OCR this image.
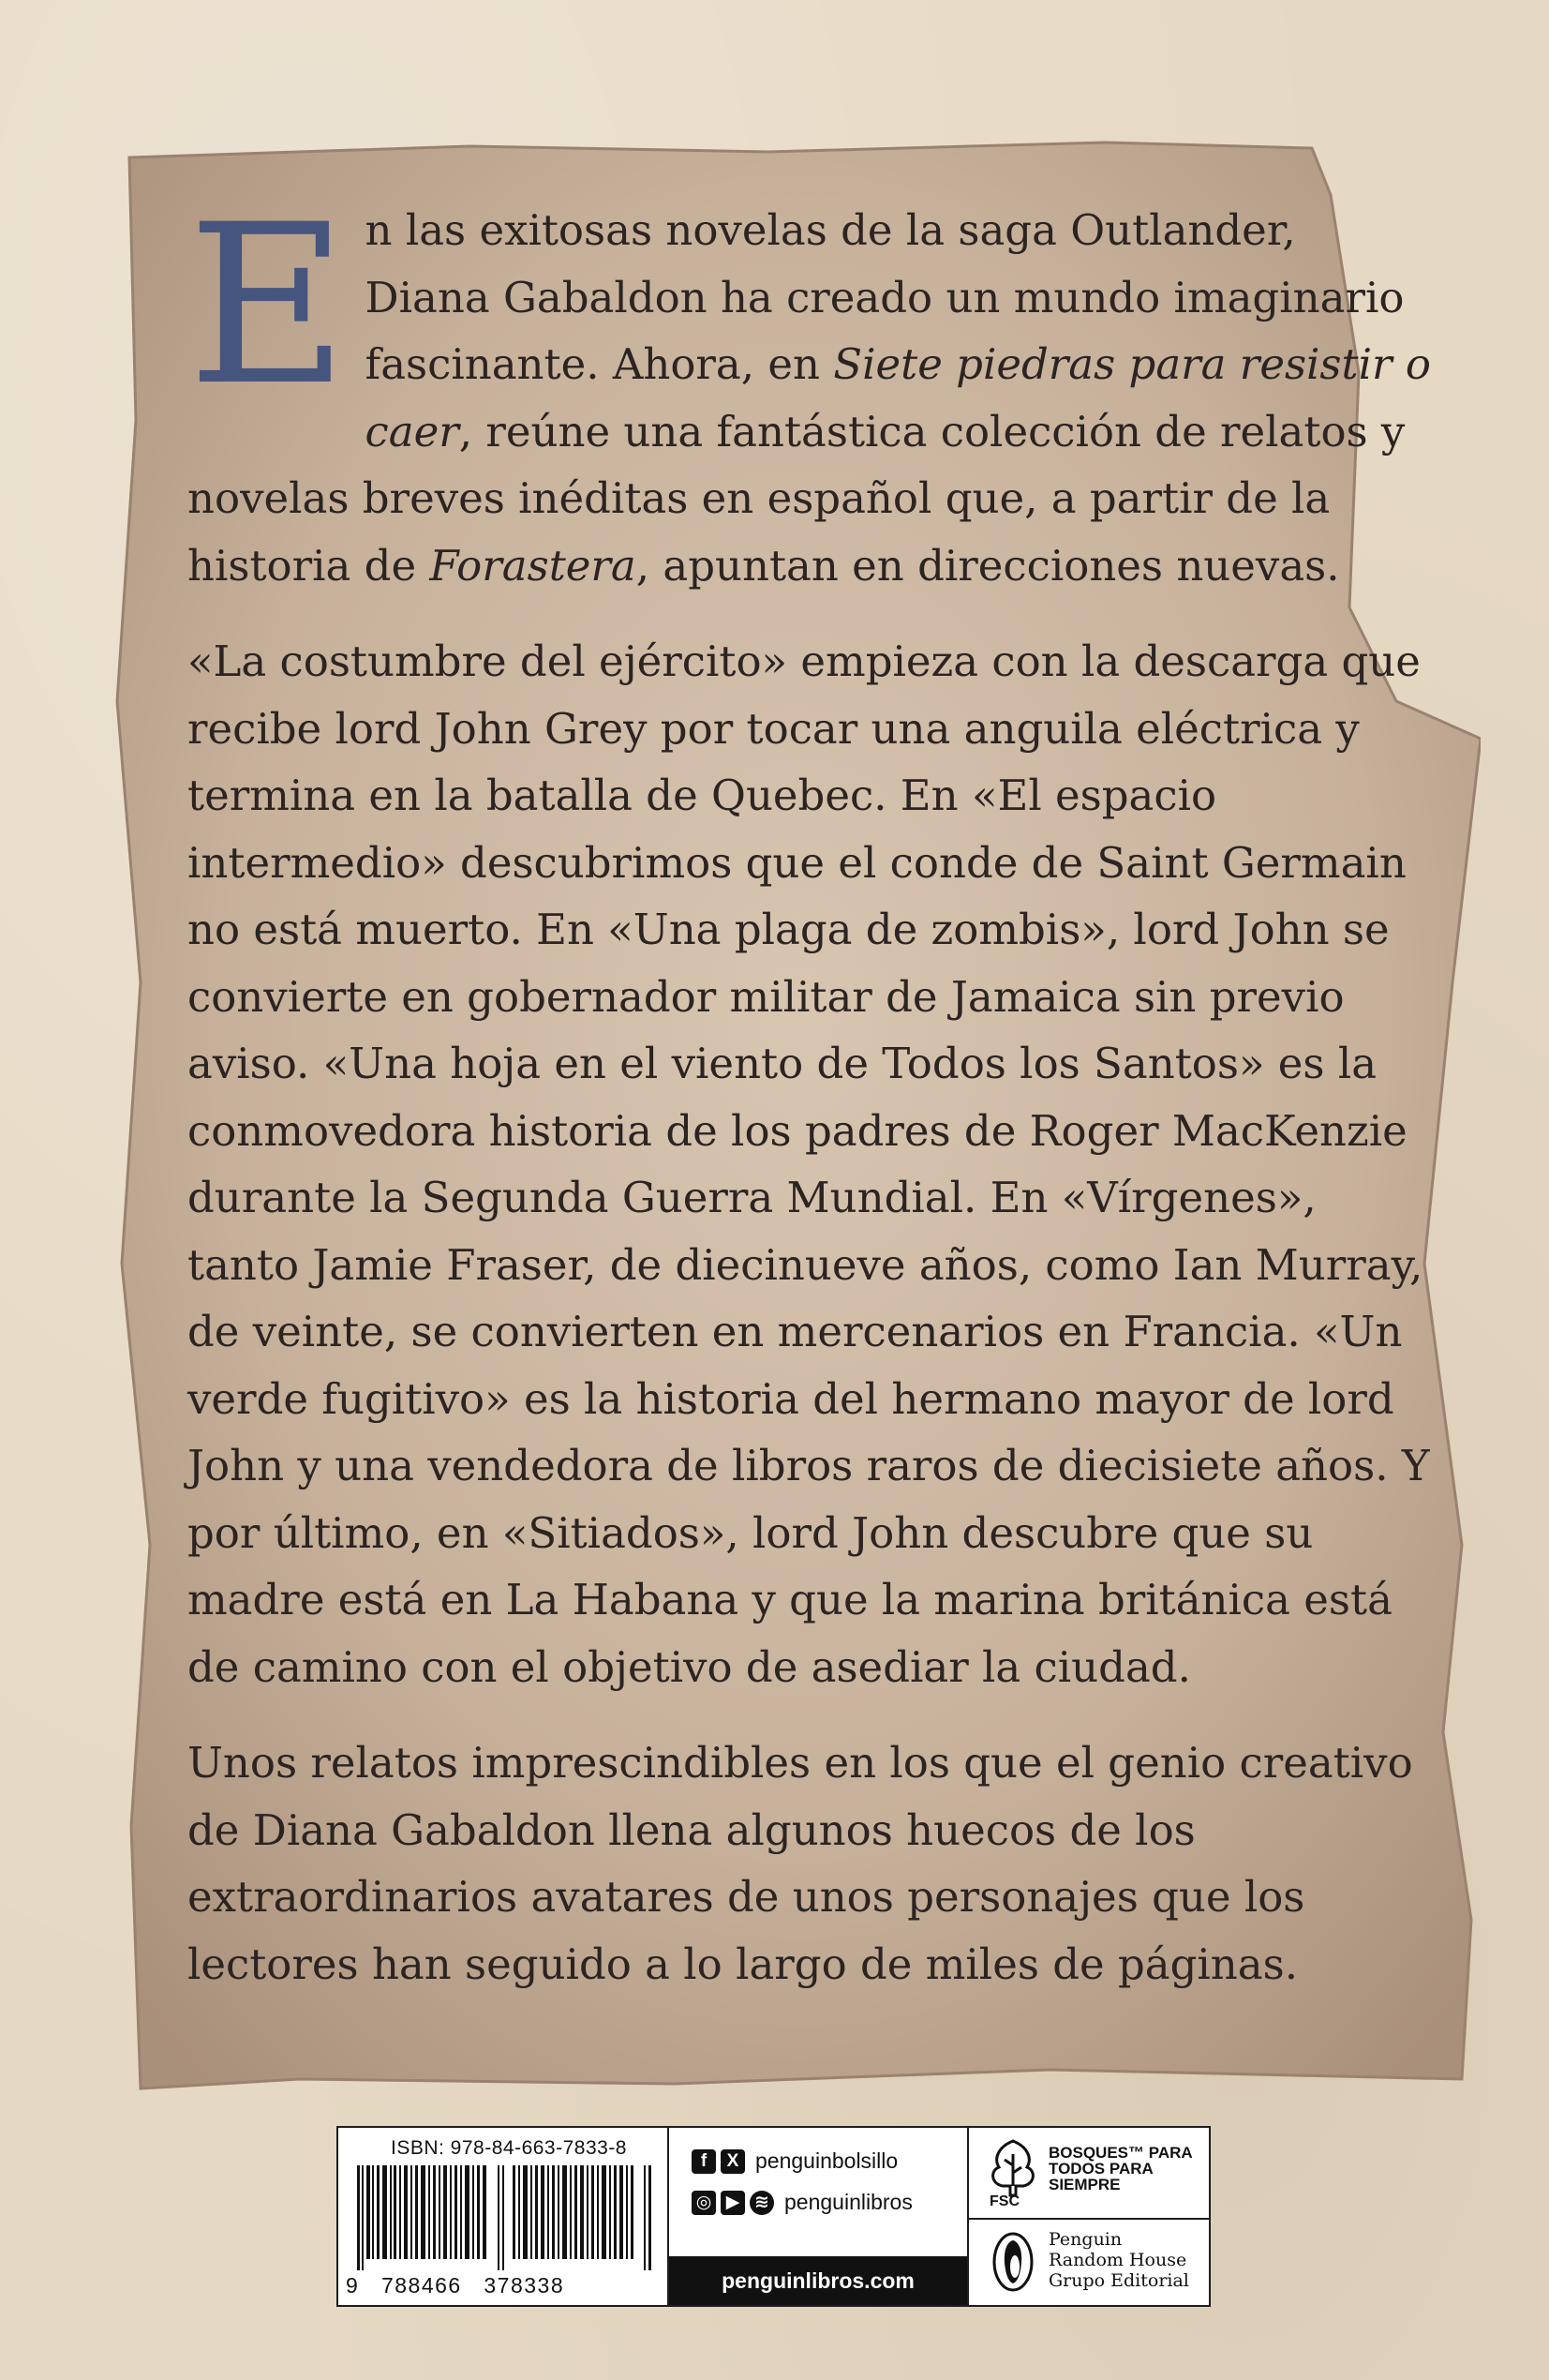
En las exitosas novelas de la saga Outlander, Diana Gabaldon ha creado un mundo imaginario fascinante. Ahora, en Siete piedras para resistir o caer, reúne una fantástica colección de relatos y novelas breves inéditas en español que, a partir de la historia de Forastera, apuntan en direcciones nuevas.

«La costumbre del ejército» empieza con la descarga que recibe lord John Grey por tocar una anguila eléctrica y termina en la batalla de Quebec. En «El espacio intermedio» descubrimos que el conde de Saint Germain no está muerto. En «Una plaga de zombis», lord John se convierte en gobernador militar de Jamaica sin previo aviso. «Una hoja en el viento de Todos los Santos» es la conmovedora historia de los padres de Roger MacKenzie durante la Segunda Guerra Mundial. En «Vírgenes», tanto Jamie Fraser, de diecinueve años, como Ian Murray, de veinte, se convierten en mercenarios en Francia. «Un verde fugitivo» es la historia del hermano mayor de lord John y una vendedora de libros raros de diecisiete años. Y por último, en «Sitiados», lord John descubre que su madre está en La Habana y que la marina británica está de camino con el objetivo de asediar la ciudad.

Unos relatos imprescindibles en los que el genio creativo de Diana Gabaldon llena algunos huecos de los extraordinarios avatares de unos personajes que los lectores han seguido a lo largo de miles de páginas.

ISBN: 978-84-663-7833-8
9   788466   378338
f	X penguinbolsillo
◎ ▶ ≋ penguinlibros
penguinlibros.com
FSC
BOSQUES™ PARA TODOS PARA SIEMPRE
Penguin
Random House
Grupo Editorial
